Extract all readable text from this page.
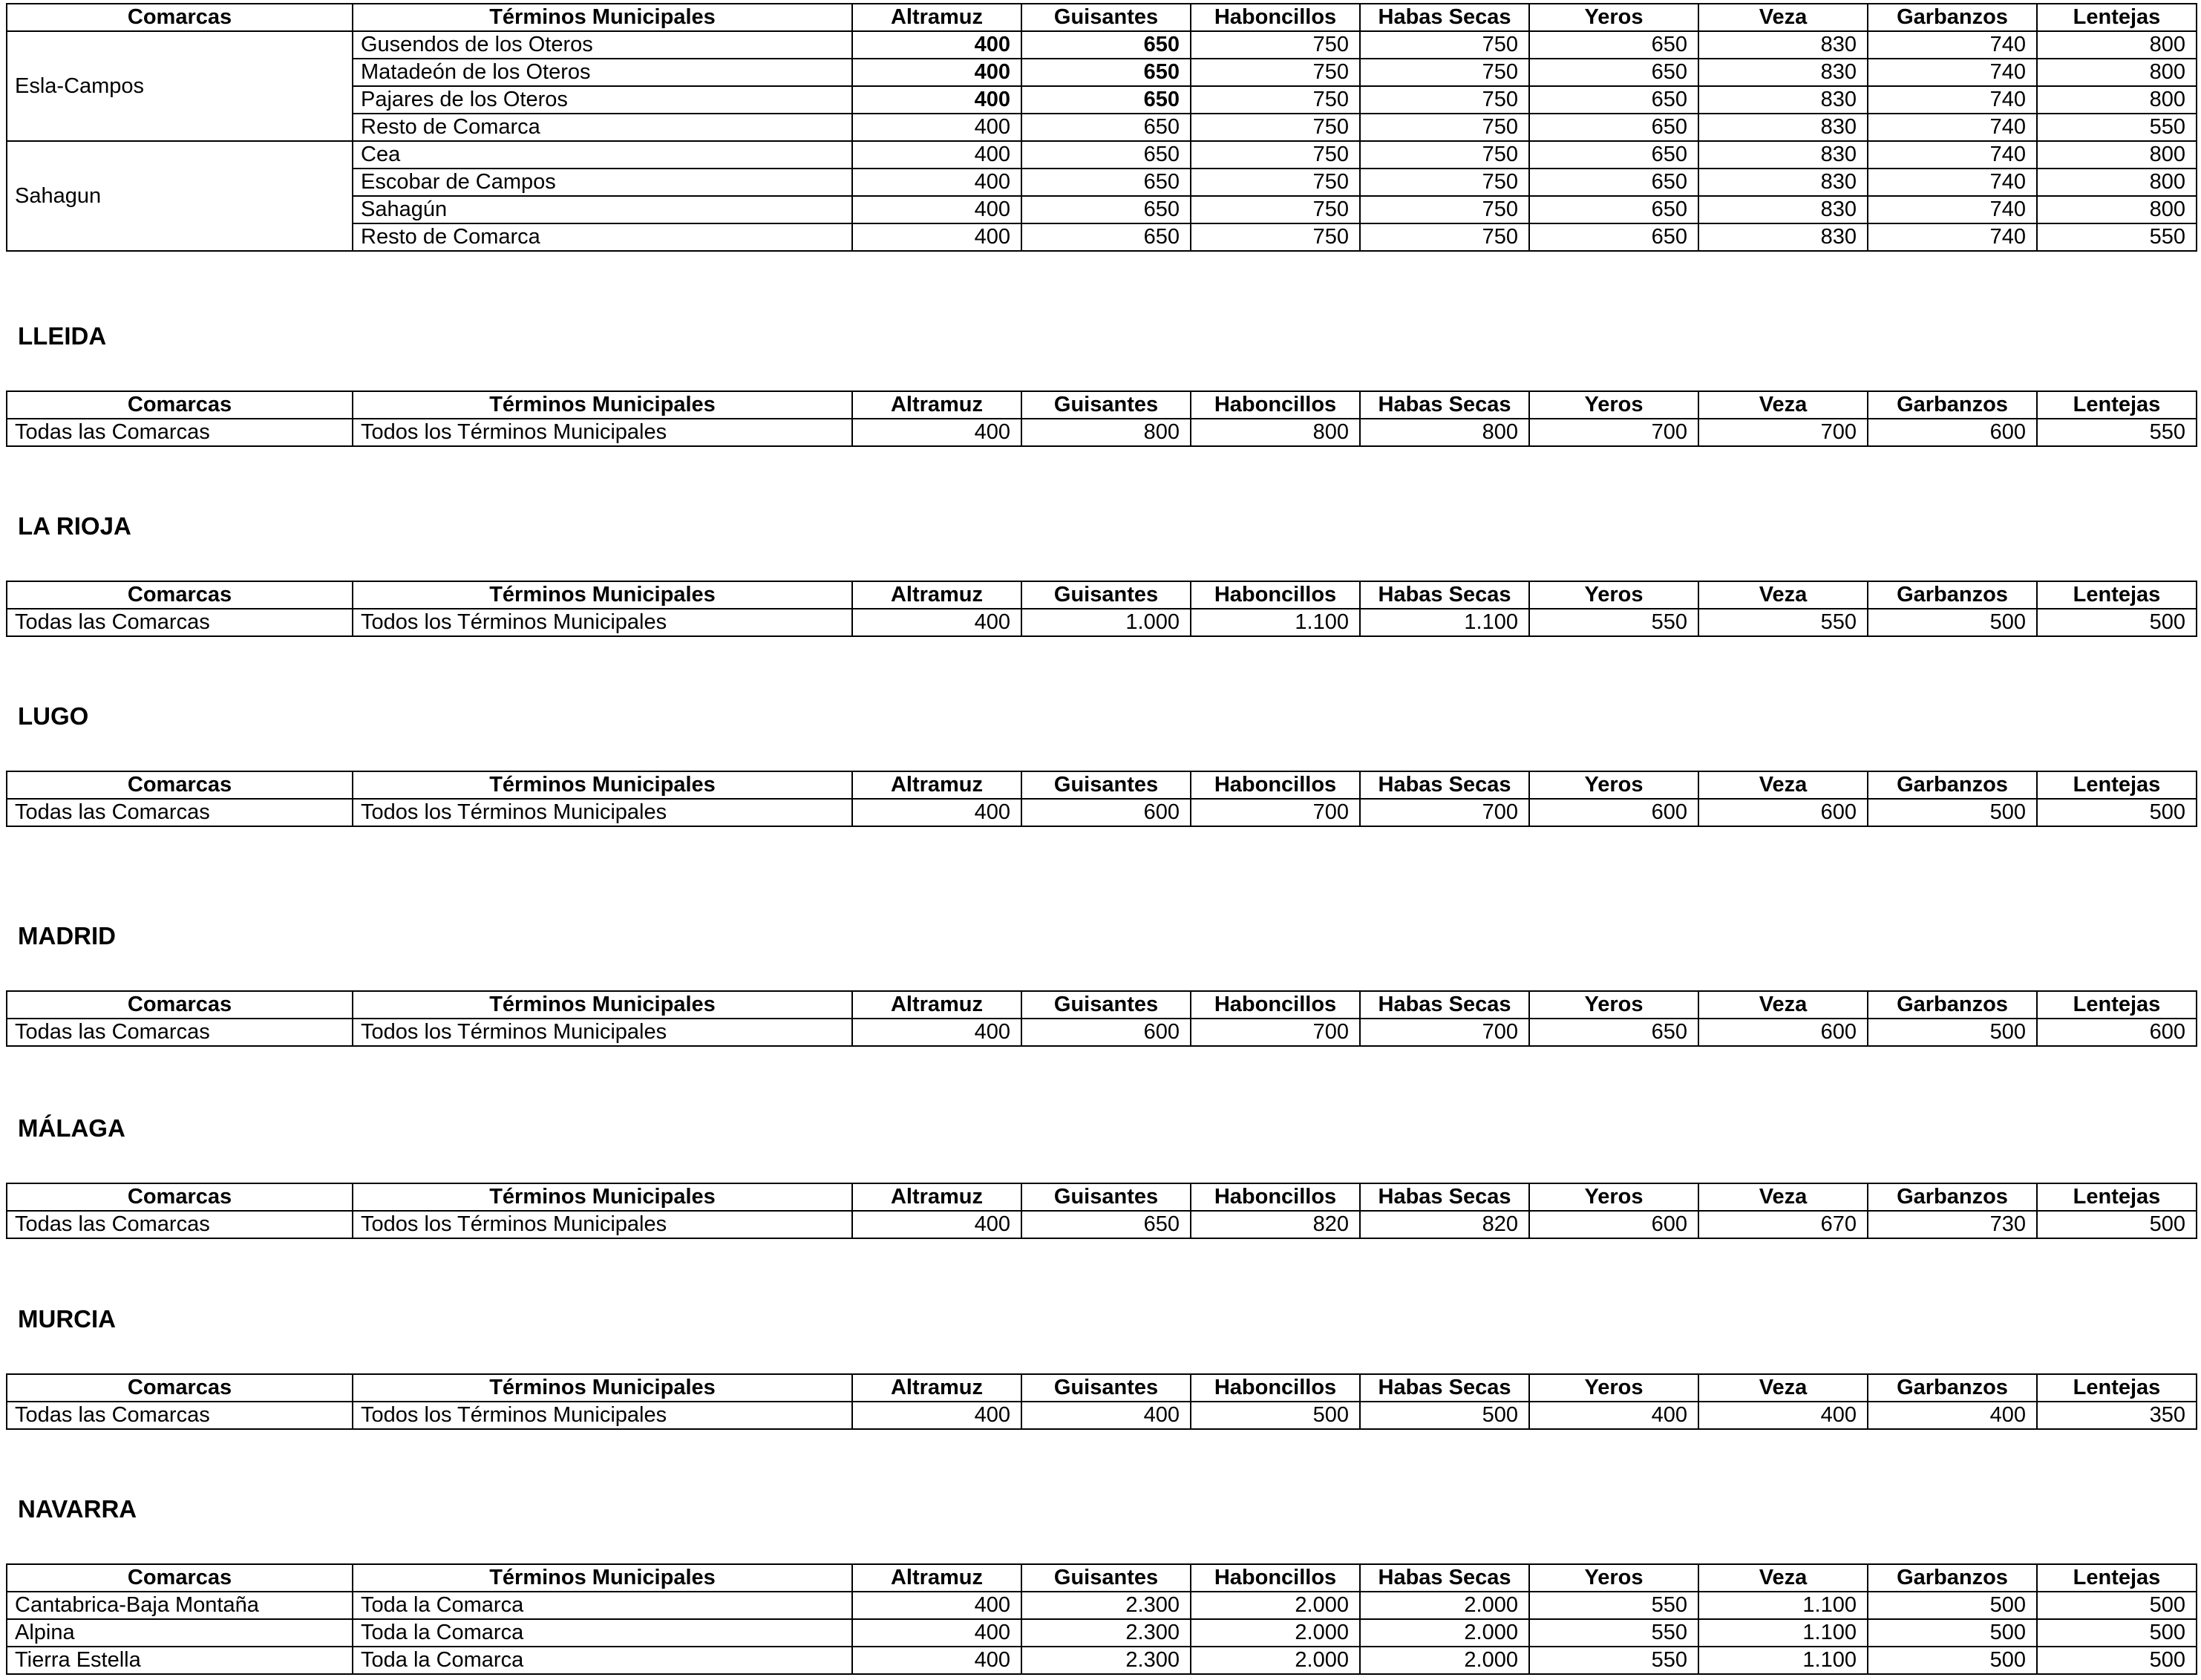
Comarcas	Términos Municipales	Altramuz	Guisantes	Haboncillos	Habas Secas	Yeros	Veza	Garbanzos	Lentejas
Esla-Campos	Gusendos de los Oteros	400	650	750	750	650	830	740	800
	Matadeón de los Oteros	400	650	750	750	650	830	740	800
	Pajares de los Oteros	400	650	750	750	650	830	740	800
	Resto de Comarca	400	650	750	750	650	830	740	550
Sahagun	Cea	400	650	750	750	650	830	740	800
	Escobar de Campos	400	650	750	750	650	830	740	800
	Sahagún	400	650	750	750	650	830	740	800
	Resto de Comarca	400	650	750	750	650	830	740	550
LLEIDA
Comarcas	Términos Municipales	Altramuz	Guisantes	Haboncillos	Habas Secas	Yeros	Veza	Garbanzos	Lentejas
Todas las Comarcas	Todos los Términos Municipales	400	800	800	800	700	700	600	550
LA RIOJA
Comarcas	Términos Municipales	Altramuz	Guisantes	Haboncillos	Habas Secas	Yeros	Veza	Garbanzos	Lentejas
Todas las Comarcas	Todos los Términos Municipales	400	1.000	1.100	1.100	550	550	500	500
LUGO
Comarcas	Términos Municipales	Altramuz	Guisantes	Haboncillos	Habas Secas	Yeros	Veza	Garbanzos	Lentejas
Todas las Comarcas	Todos los Términos Municipales	400	600	700	700	600	600	500	500
MADRID
Comarcas	Términos Municipales	Altramuz	Guisantes	Haboncillos	Habas Secas	Yeros	Veza	Garbanzos	Lentejas
Todas las Comarcas	Todos los Términos Municipales	400	600	700	700	650	600	500	600
MÁLAGA
Comarcas	Términos Municipales	Altramuz	Guisantes	Haboncillos	Habas Secas	Yeros	Veza	Garbanzos	Lentejas
Todas las Comarcas	Todos los Términos Municipales	400	650	820	820	600	670	730	500
MURCIA
Comarcas	Términos Municipales	Altramuz	Guisantes	Haboncillos	Habas Secas	Yeros	Veza	Garbanzos	Lentejas
Todas las Comarcas	Todos los Términos Municipales	400	400	500	500	400	400	400	350
NAVARRA
Comarcas	Términos Municipales	Altramuz	Guisantes	Haboncillos	Habas Secas	Yeros	Veza	Garbanzos	Lentejas
Cantabrica-Baja Montaña	Toda la Comarca	400	2.300	2.000	2.000	550	1.100	500	500
Alpina	Toda la Comarca	400	2.300	2.000	2.000	550	1.100	500	500
Tierra Estella	Toda la Comarca	400	2.300	2.000	2.000	550	1.100	500	500
